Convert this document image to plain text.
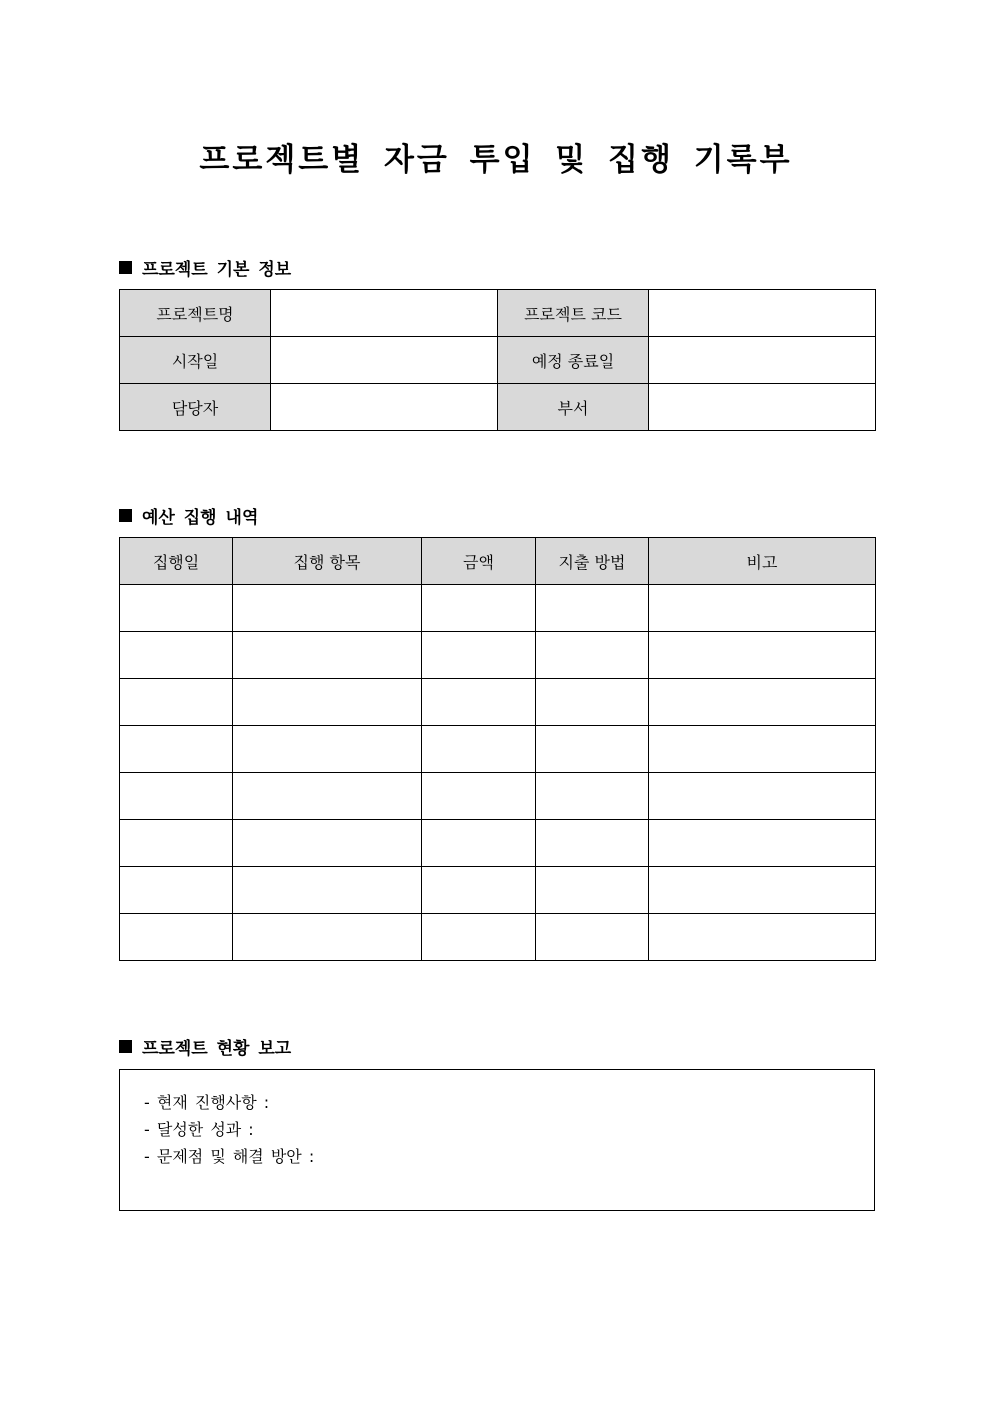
프로젝트별 자금 투입 및 집행 기록부
프로젝트 기본 정보
프로젝트명		프로젝트 코드	
시작일		예정 종료일	
담당자		부서	
예산 집행 내역
집행일	집행 항목	금액	지출 방법	비고

프로젝트 현황 보고
- 현재 진행사항 :
- 달성한 성과 :
- 문제점 및 해결 방안 :
